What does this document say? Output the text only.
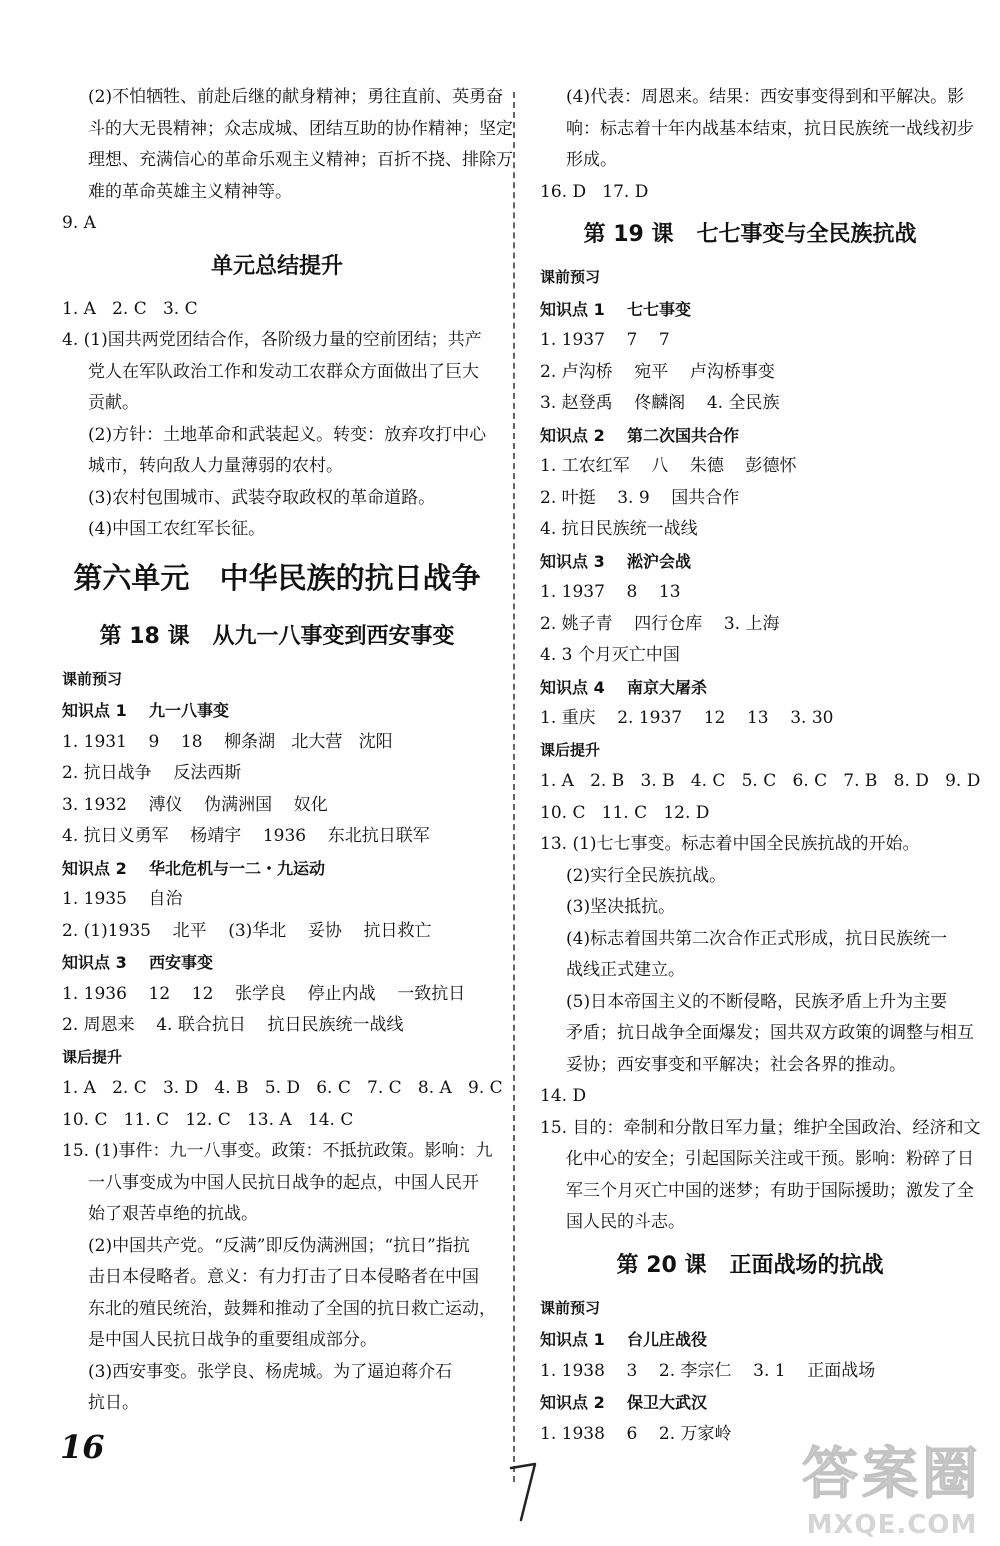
(2)不怕牺牲、前赴后继的献身精神；勇往直前、英勇奋
斗的大无畏精神；众志成城、团结互助的协作精神；坚定
理想、充满信心的革命乐观主义精神；百折不挠、排除万
难的革命英雄主义精神等。
9. A
单元总结提升
1. A   2. C   3. C
4. (1)国共两党团结合作，各阶级力量的空前团结；共产
党人在军队政治工作和发动工农群众方面做出了巨大
贡献。
(2)方针：土地革命和武装起义。转变：放弃攻打中心
城市，转向敌人力量薄弱的农村。
(3)农村包围城市、武装夺取政权的革命道路。
(4)中国工农红军长征。
第六单元   中华民族的抗日战争
第 18 课   从九一八事变到西安事变
课前预习
知识点 1    九一八事变
1. 1931    9    18    柳条湖   北大营   沈阳
2. 抗日战争    反法西斯
3. 1932    溥仪    伪满洲国    奴化
4. 抗日义勇军    杨靖宇    1936    东北抗日联军
知识点 2    华北危机与一二・九运动
1. 1935    自治
2. (1)1935    北平    (3)华北    妥协    抗日救亡
知识点 3    西安事变
1. 1936    12    12    张学良    停止内战    一致抗日
2. 周恩来    4. 联合抗日    抗日民族统一战线
课后提升
1. A   2. C   3. D   4. B   5. D   6. C   7. C   8. A   9. C
10. C   11. C   12. C   13. A   14. C
15. (1)事件：九一八事变。政策：不抵抗政策。影响：九
一八事变成为中国人民抗日战争的起点，中国人民开
始了艰苦卓绝的抗战。
(2)中国共产党。“反满”即反伪满洲国；“抗日”指抗
击日本侵略者。意义：有力打击了日本侵略者在中国
东北的殖民统治，鼓舞和推动了全国的抗日救亡运动，
是中国人民抗日战争的重要组成部分。
(3)西安事变。张学良、杨虎城。为了逼迫蒋介石
抗日。
(4)代表：周恩来。结果：西安事变得到和平解决。影
响：标志着十年内战基本结束，抗日民族统一战线初步
形成。
16. D   17. D
第 19 课   七七事变与全民族抗战
课前预习
知识点 1    七七事变
1. 1937    7    7
2. 卢沟桥    宛平    卢沟桥事变
3. 赵登禹    佟麟阁    4. 全民族
知识点 2    第二次国共合作
1. 工农红军    八    朱德    彭德怀
2. 叶挺    3. 9    国共合作
4. 抗日民族统一战线
知识点 3    淞沪会战
1. 1937    8    13
2. 姚子青    四行仓库    3. 上海
4. 3 个月灭亡中国
知识点 4    南京大屠杀
1. 重庆    2. 1937    12    13    3. 30
课后提升
1. A   2. B   3. B   4. C   5. C   6. C   7. B   8. D   9. D
10. C   11. C   12. D
13. (1)七七事变。标志着中国全民族抗战的开始。
(2)实行全民族抗战。
(3)坚决抵抗。
(4)标志着国共第二次合作正式形成，抗日民族统一
战线正式建立。
(5)日本帝国主义的不断侵略，民族矛盾上升为主要
矛盾；抗日战争全面爆发；国共双方政策的调整与相互
妥协；西安事变和平解决；社会各界的推动。
14. D
15. 目的：牵制和分散日军力量；维护全国政治、经济和文
化中心的安全；引起国际关注或干预。影响：粉碎了日
军三个月灭亡中国的迷梦；有助于国际援助；激发了全
国人民的斗志。
第 20 课   正面战场的抗战
课前预习
知识点 1    台儿庄战役
1. 1938    3    2. 李宗仁    3. 1    正面战场
知识点 2    保卫大武汉
1. 1938    6    2. 万家岭
16	答案圈
MXQE.COM
